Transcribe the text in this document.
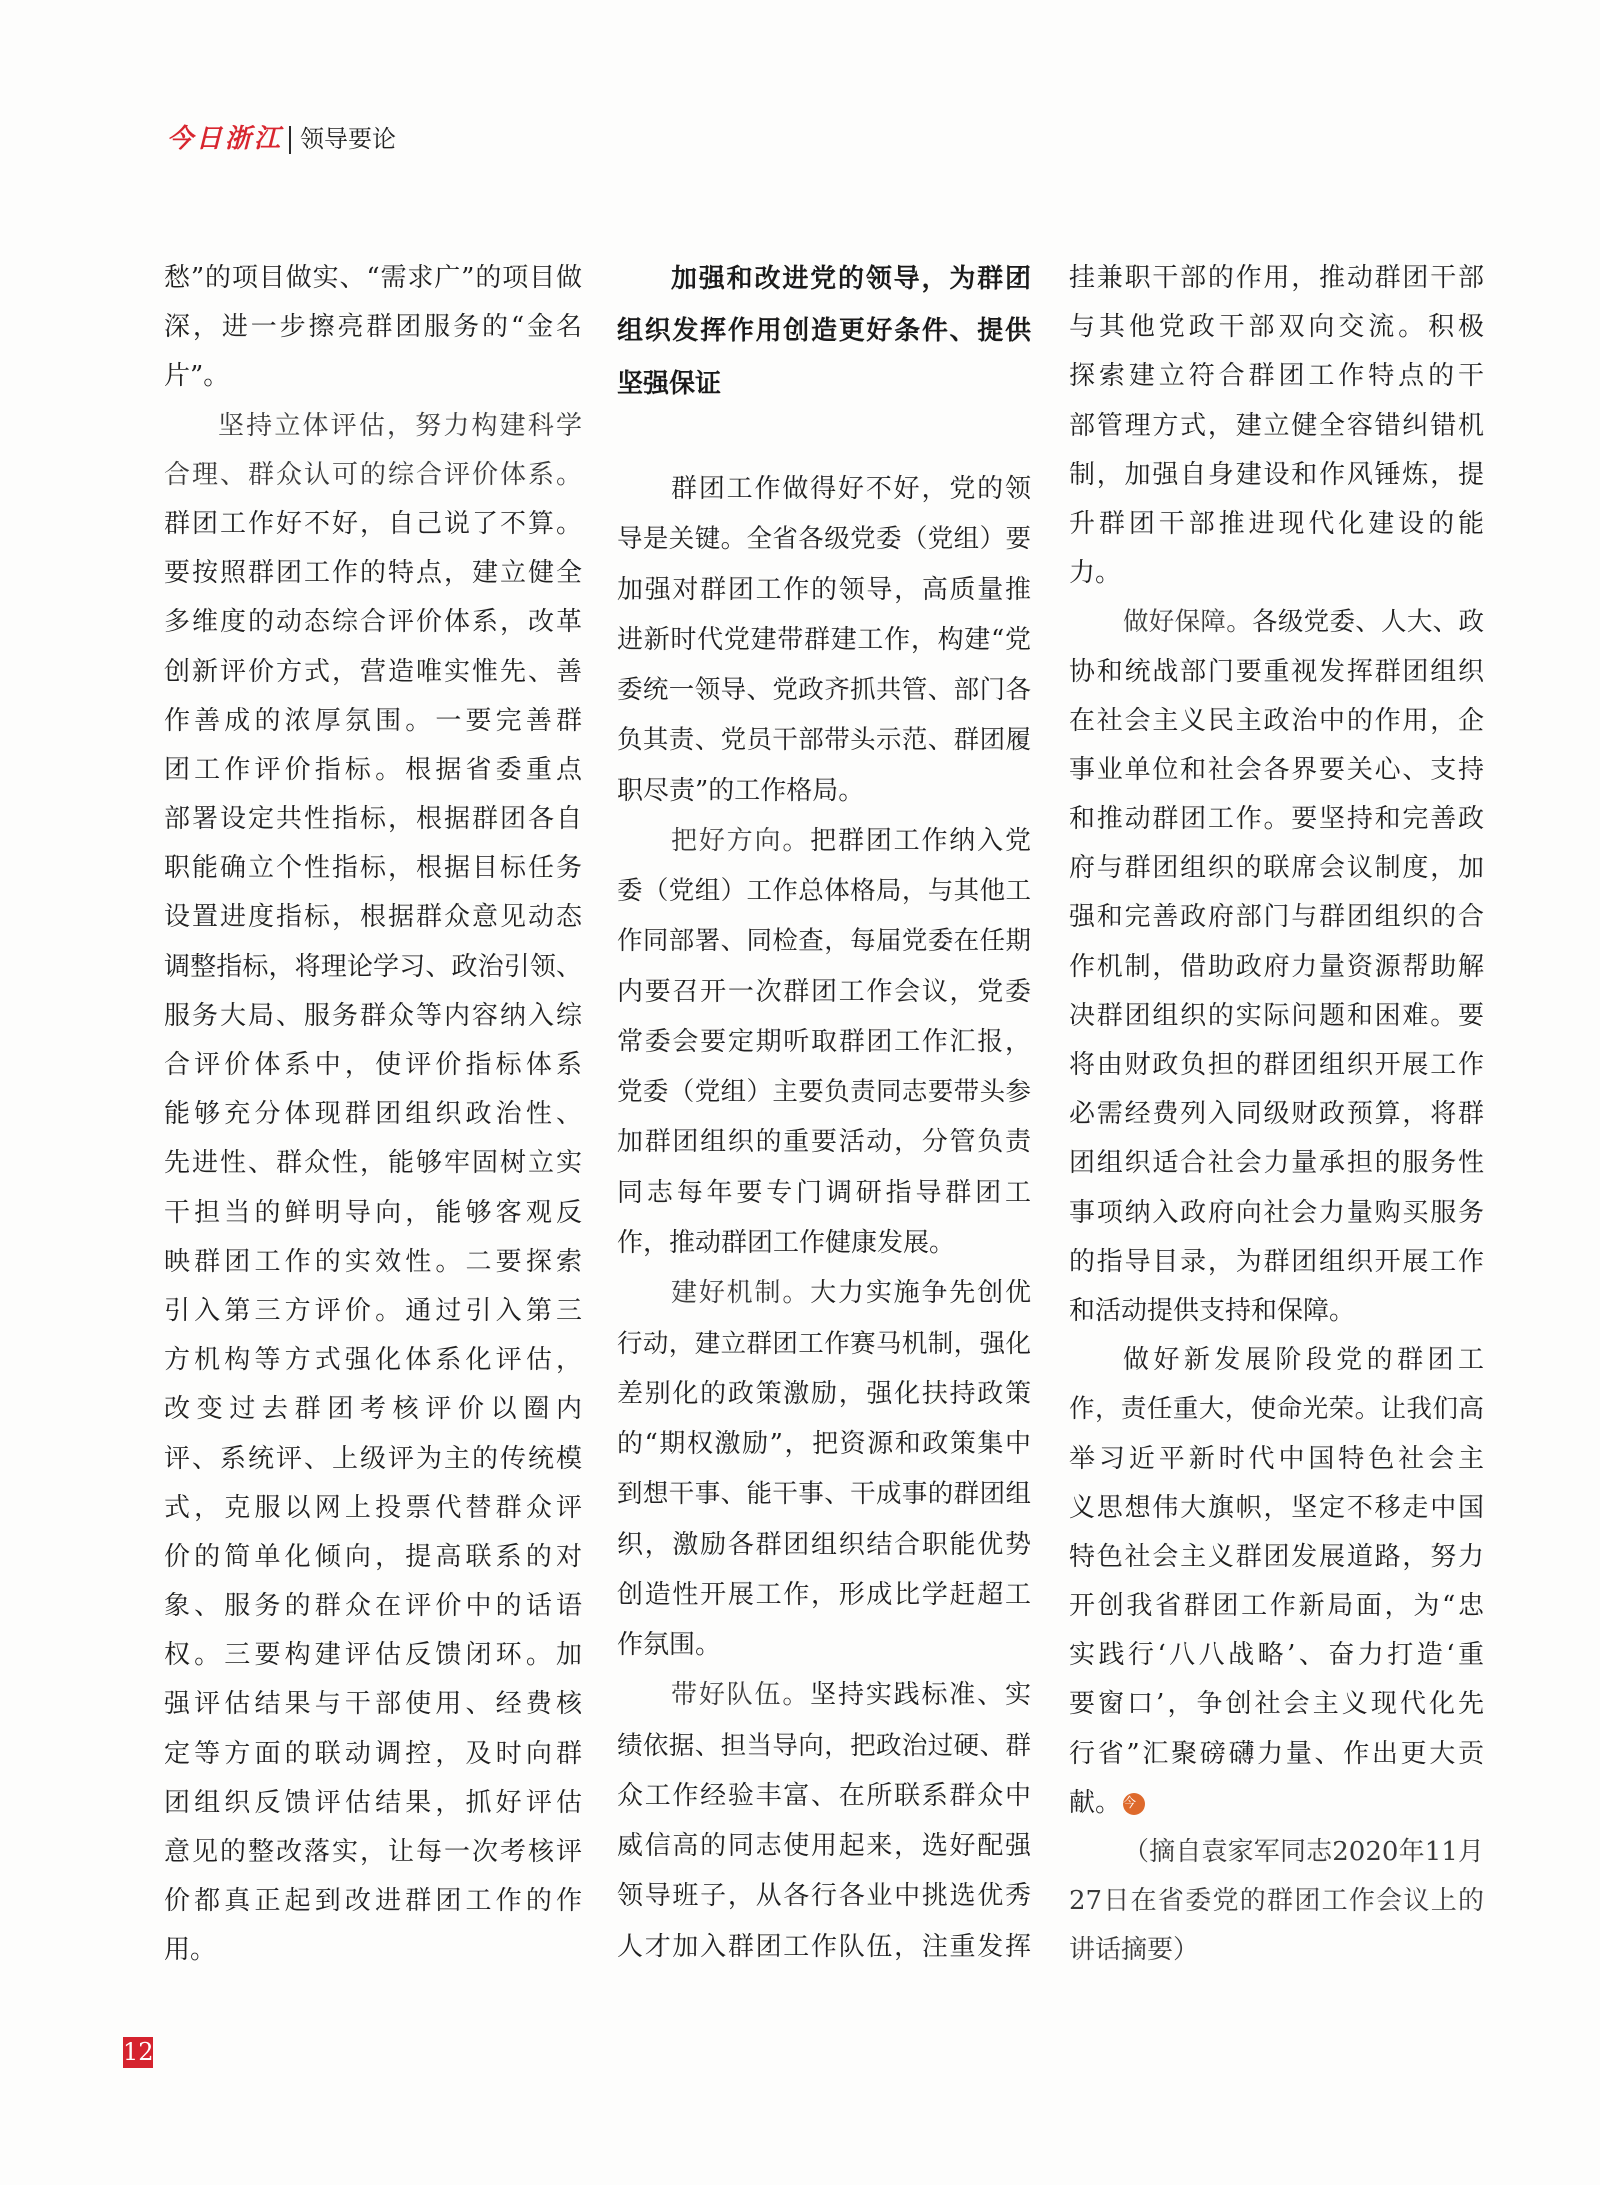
今日浙江 领导要论
愁”的项目做实、“需求广”的项目做
深，进一步擦亮群团服务的“金名
片”。
坚持立体评估，努力构建科学
合理、群众认可的综合评价体系。
群团工作好不好，自己说了不算。
要按照群团工作的特点，建立健全
多维度的动态综合评价体系，改革
创新评价方式，营造唯实惟先、善
作善成的浓厚氛围。一要完善群
团工作评价指标。根据省委重点
部署设定共性指标，根据群团各自
职能确立个性指标，根据目标任务
设置进度指标，根据群众意见动态
调整指标，将理论学习、政治引领、
服务大局、服务群众等内容纳入综
合评价体系中，使评价指标体系
能够充分体现群团组织政治性、
先进性、群众性，能够牢固树立实
干担当的鲜明导向，能够客观反
映群团工作的实效性。二要探索
引入第三方评价。通过引入第三
方机构等方式强化体系化评估，
改变过去群团考核评价以圈内
评、系统评、上级评为主的传统模
式，克服以网上投票代替群众评
价的简单化倾向，提高联系的对
象、服务的群众在评价中的话语
权。三要构建评估反馈闭环。加
强评估结果与干部使用、经费核
定等方面的联动调控，及时向群
团组织反馈评估结果，抓好评估
意见的整改落实，让每一次考核评
价都真正起到改进群团工作的作
用。
加强和改进党的领导，为群团
组织发挥作用创造更好条件、提供
坚强保证
群团工作做得好不好，党的领
导是关键。全省各级党委（党组）要
加强对群团工作的领导，高质量推
进新时代党建带群建工作，构建“党
委统一领导、党政齐抓共管、部门各
负其责、党员干部带头示范、群团履
职尽责”的工作格局。
把好方向。把群团工作纳入党
委（党组）工作总体格局，与其他工
作同部署、同检查，每届党委在任期
内要召开一次群团工作会议，党委
常委会要定期听取群团工作汇报，
党委（党组）主要负责同志要带头参
加群团组织的重要活动，分管负责
同志每年要专门调研指导群团工
作，推动群团工作健康发展。
建好机制。大力实施争先创优
行动，建立群团工作赛马机制，强化
差别化的政策激励，强化扶持政策
的“期权激励”，把资源和政策集中
到想干事、能干事、干成事的群团组
织，激励各群团组织结合职能优势
创造性开展工作，形成比学赶超工
作氛围。
带好队伍。坚持实践标准、实
绩依据、担当导向，把政治过硬、群
众工作经验丰富、在所联系群众中
威信高的同志使用起来，选好配强
领导班子，从各行各业中挑选优秀
人才加入群团工作队伍，注重发挥
挂兼职干部的作用，推动群团干部
与其他党政干部双向交流。积极
探索建立符合群团工作特点的干
部管理方式，建立健全容错纠错机
制，加强自身建设和作风锤炼，提
升群团干部推进现代化建设的能
力。
做好保障。各级党委、人大、政
协和统战部门要重视发挥群团组织
在社会主义民主政治中的作用，企
事业单位和社会各界要关心、支持
和推动群团工作。要坚持和完善政
府与群团组织的联席会议制度，加
强和完善政府部门与群团组织的合
作机制，借助政府力量资源帮助解
决群团组织的实际问题和困难。要
将由财政负担的群团组织开展工作
必需经费列入同级财政预算，将群
团组织适合社会力量承担的服务性
事项纳入政府向社会力量购买服务
的指导目录，为群团组织开展工作
和活动提供支持和保障。
做好新发展阶段党的群团工
作，责任重大，使命光荣。让我们高
举习近平新时代中国特色社会主
义思想伟大旗帜，坚定不移走中国
特色社会主义群团发展道路，努力
开创我省群团工作新局面，为“忠
实践行‘八八战略’、奋力打造‘重
要窗口’，争创社会主义现代化先
行省”汇聚磅礴力量、作出更大贡
献。 今
（摘自袁家军同志2020年11月
27日在省委党的群团工作会议上的
讲话摘要）
12
